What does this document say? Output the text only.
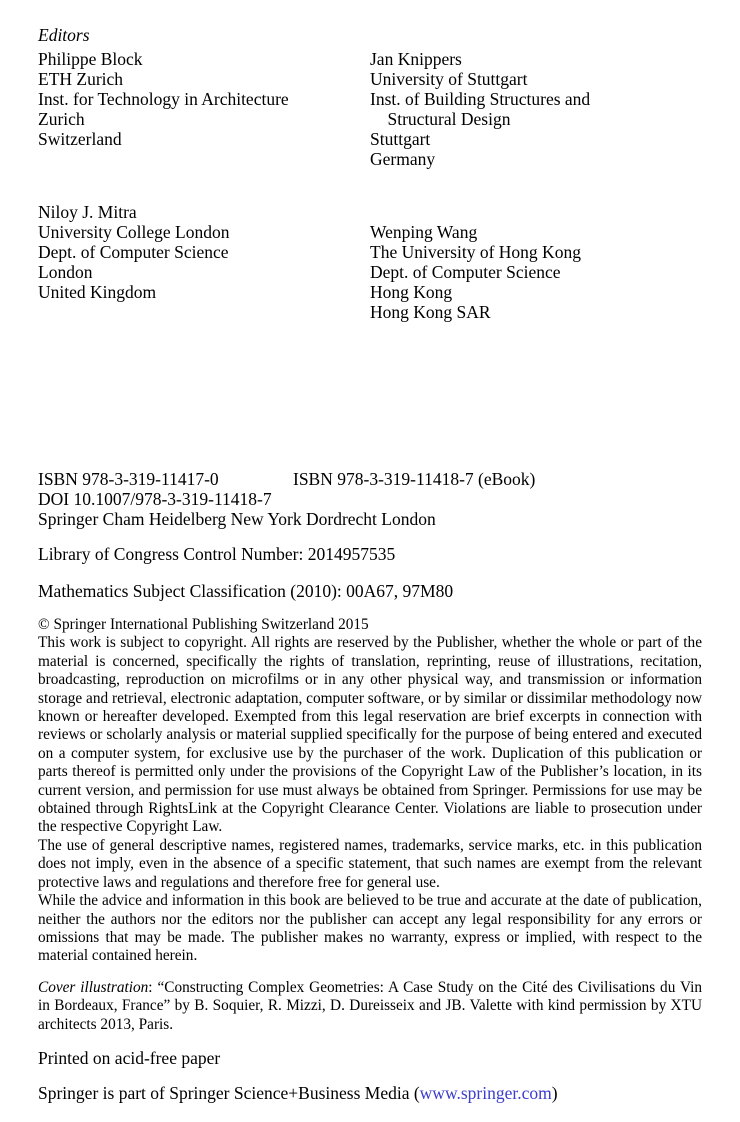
Editors
Philippe Block
ETH Zurich
Inst. for Technology in Architecture
Zurich
Switzerland
Jan Knippers
University of Stuttgart
Inst. of Building Structures and
Structural Design
Stuttgart
Germany
Niloy J. Mitra
University College London
Dept. of Computer Science
London
United Kingdom
Wenping Wang
The University of Hong Kong
Dept. of Computer Science
Hong Kong
Hong Kong SAR
ISBN 978-3-319-11417-0	ISBN 978-3-319-11418-7 (eBook)
DOI 10.1007/978-3-319-11418-7
Springer Cham Heidelberg New York Dordrecht London
Library of Congress Control Number: 2014957535
Mathematics Subject Classification (2010): 00A67, 97M80
© Springer International Publishing Switzerland 2015

This work is subject to copyright. All rights are reserved by the Publisher, whether the whole or part of the material is concerned, specifically the rights of translation, reprinting, reuse of illustrations, recitation, broadcasting, reproduction on microfilms or in any other physical way, and transmission or information storage and retrieval, electronic adaptation, computer software, or by similar or dissimilar methodology now known or hereafter developed. Exempted from this legal reservation are brief excerpts in connection with reviews or scholarly analysis or material supplied specifically for the purpose of being entered and executed on a computer system, for exclusive use by the purchaser of the work. Duplication of this publication or parts thereof is permitted only under the provisions of the Copyright Law of the Publisher’s location, in its current version, and permission for use must always be obtained from Springer. Permissions for use may be obtained through RightsLink at the Copyright Clearance Center. Violations are liable to prosecution under the respective Copyright Law.

The use of general descriptive names, registered names, trademarks, service marks, etc. in this publication does not imply, even in the absence of a specific statement, that such names are exempt from the relevant protective laws and regulations and therefore free for general use.

While the advice and information in this book are believed to be true and accurate at the date of publication, neither the authors nor the editors nor the publisher can accept any legal responsibility for any errors or omissions that may be made. The publisher makes no warranty, express or implied, with respect to the material contained herein.

Cover illustration: “Constructing Complex Geometries: A Case Study on the Cité des Civilisations du Vin in Bordeaux, France” by B. Soquier, R. Mizzi, D. Dureisseix and JB. Valette with kind permission by XTU architects 2013, Paris.

Printed on acid-free paper
Springer is part of Springer Science+Business Media (www.springer.com)
